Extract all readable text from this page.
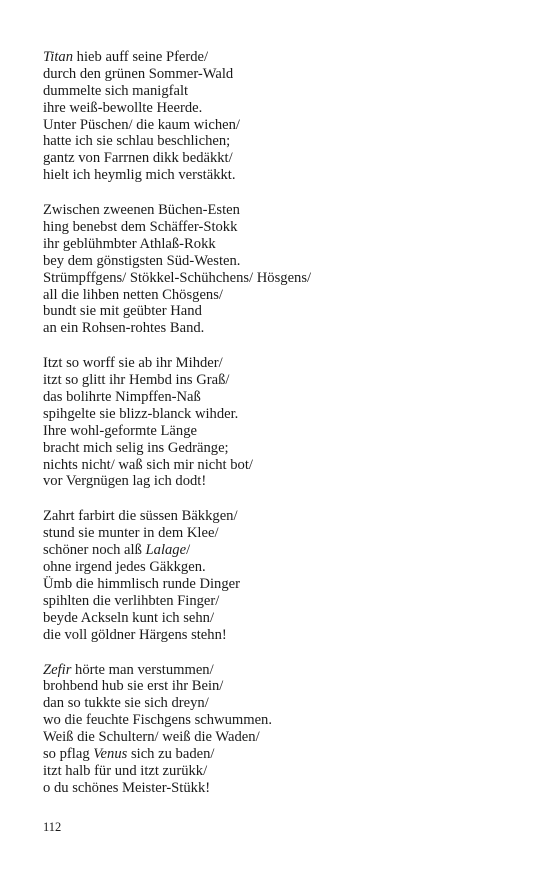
Titan hieb auff seine Pferde/
durch den grünen Sommer-Wald
dummelte sich manigfalt
ihre weiß-bewollte Heerde.
Unter Püschen/ die kaum wichen/
hatte ich sie schlau beschlichen;
gantz von Farrnen dikk bedäkkt/
hielt ich heymlig mich verstäkkt.
Zwischen zweenen Büchen-Esten
hing benebst dem Schäffer-Stokk
ihr geblühmbter Athlaß-Rokk
bey dem gönstigsten Süd-Westen.
Strümpffgens/ Stökkel-Schühchens/ Hösgens/
all die lihben netten Chösgens/
bundt sie mit geübter Hand
an ein Rohsen-rohtes Band.
Itzt so worff sie ab ihr Mihder/
itzt so glitt ihr Hembd ins Graß/
das bolihrte Nimpffen-Naß
spihgelte sie blizz-blanck wihder.
Ihre wohl-geformte Länge
bracht mich selig ins Gedränge;
nichts nicht/ waß sich mir nicht bot/
vor Vergnügen lag ich dodt!
Zahrt farbirt die süssen Bäkkgen/
stund sie munter in dem Klee/
schöner noch alß Lalage/
ohne irgend jedes Gäkkgen.
Ümb die himmlisch runde Dinger
spihlten die verlihbten Finger/
beyde Ackseln kunt ich sehn/
die voll göldner Härgens stehn!
Zefir hörte man verstummen/
brohbend hub sie erst ihr Bein/
dan so tukkte sie sich dreyn/
wo die feuchte Fischgens schwummen.
Weiß die Schultern/ weiß die Waden/
so pflag Venus sich zu baden/
itzt halb für und itzt zurükk/
o du schönes Meister-Stükk!
112
